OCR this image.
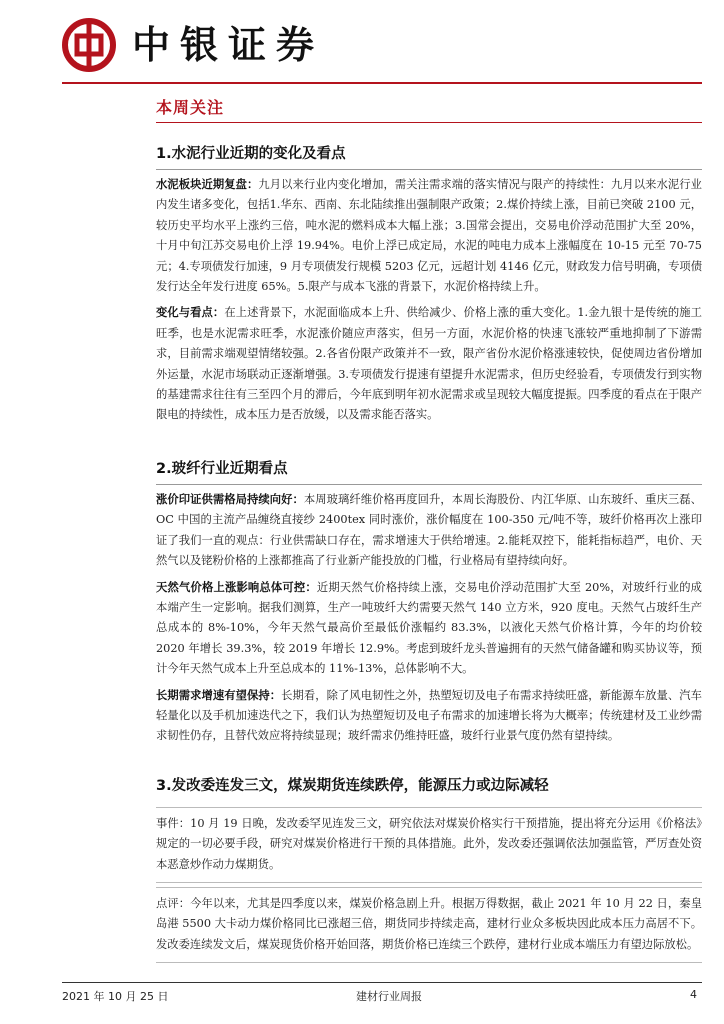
中银证券
本周关注
1.水泥行业近期的变化及看点

水泥板块近期复盘：九月以来行业内变化增加，需关注需求端的落实情况与限产的持续性：九月以来水泥行业内发生诸多变化，包括1.华东、西南、东北陆续推出强制限产政策；2.煤价持续上涨，目前已突破 2100 元，较历史平均水平上涨约三倍，吨水泥的燃料成本大幅上涨；3.国常会提出，交易电价浮动范围扩大至 20%，十月中旬江苏交易电价上浮 19.94%。电价上浮已成定局，水泥的吨电力成本上涨幅度在 10-15 元至 70-75 元；4.专项债发行加速，9 月专项债发行规模 5203 亿元，远超计划 4146 亿元，财政发力信号明确，专项债发行达全年发行进度 65%。5.限产与成本飞涨的背景下，水泥价格持续上升。

变化与看点：在上述背景下，水泥面临成本上升、供给减少、价格上涨的重大变化。1.金九银十是传统的施工旺季，也是水泥需求旺季，水泥涨价随应声落实，但另一方面，水泥价格的快速飞涨较严重地抑制了下游需求，目前需求端观望情绪较强。2.各省份限产政策并不一致，限产省份水泥价格涨速较快，促使周边省份增加外运量，水泥市场联动正逐渐增强。3.专项债发行提速有望提升水泥需求，但历史经验看，专项债发行到实物的基建需求往往有三至四个月的滞后，今年底到明年初水泥需求或呈现较大幅度提振。四季度的看点在于限产限电的持续性，成本压力是否放缓，以及需求能否落实。

2.玻纤行业近期看点

涨价印证供需格局持续向好：本周玻璃纤维价格再度回升，本周长海股份、内江华原、山东玻纤、重庆三磊、OC 中国的主流产品缠绕直接纱 2400tex 同时涨价，涨价幅度在 100-350 元/吨不等，玻纤价格再次上涨印证了我们一直的观点：行业供需缺口存在，需求增速大于供给增速。2.能耗双控下，能耗指标趋严，电价、天然气以及铑粉价格的上涨都推高了行业新产能投放的门槛，行业格局有望持续向好。

天然气价格上涨影响总体可控：近期天然气价格持续上涨，交易电价浮动范围扩大至 20%，对玻纤行业的成本端产生一定影响。据我们测算，生产一吨玻纤大约需要天然气 140 立方米，920 度电。天然气占玻纤生产总成本的 8%-10%，今年天然气最高价至最低价涨幅约 83.3%，以液化天然气价格计算，今年的均价较 2020 年增长 39.3%，较 2019 年增长 12.9%。考虑到玻纤龙头普遍拥有的天然气储备罐和购买协议等，预计今年天然气成本上升至总成本的 11%-13%，总体影响不大。

长期需求增速有望保持：长期看，除了风电韧性之外，热塑短切及电子布需求持续旺盛，新能源车放量、汽车轻量化以及手机加速迭代之下，我们认为热塑短切及电子布需求的加速增长将为大概率；传统建材及工业纱需求韧性仍存，且替代效应将持续显现；玻纤需求仍维持旺盛，玻纤行业景气度仍然有望持续。

3.发改委连发三文，煤炭期货连续跌停，能源压力或边际减轻

事件：10 月 19 日晚，发改委罕见连发三文，研究依法对煤炭价格实行干预措施，提出将充分运用《价格法》规定的一切必要手段，研究对煤炭价格进行干预的具体措施。此外，发改委还强调依法加强监管，严厉查处资本恶意炒作动力煤期货。

点评：今年以来，尤其是四季度以来，煤炭价格急剧上升。根据万得数据，截止 2021 年 10 月 22 日，秦皇岛港 5500 大卡动力煤价格同比已涨超三倍，期货同步持续走高，建材行业众多板块因此成本压力高居不下。发改委连续发文后，煤炭现货价格开始回落，期货价格已连续三个跌停，建材行业成本端压力有望边际放松。

2021 年 10 月 25 日	建材行业周报	4
